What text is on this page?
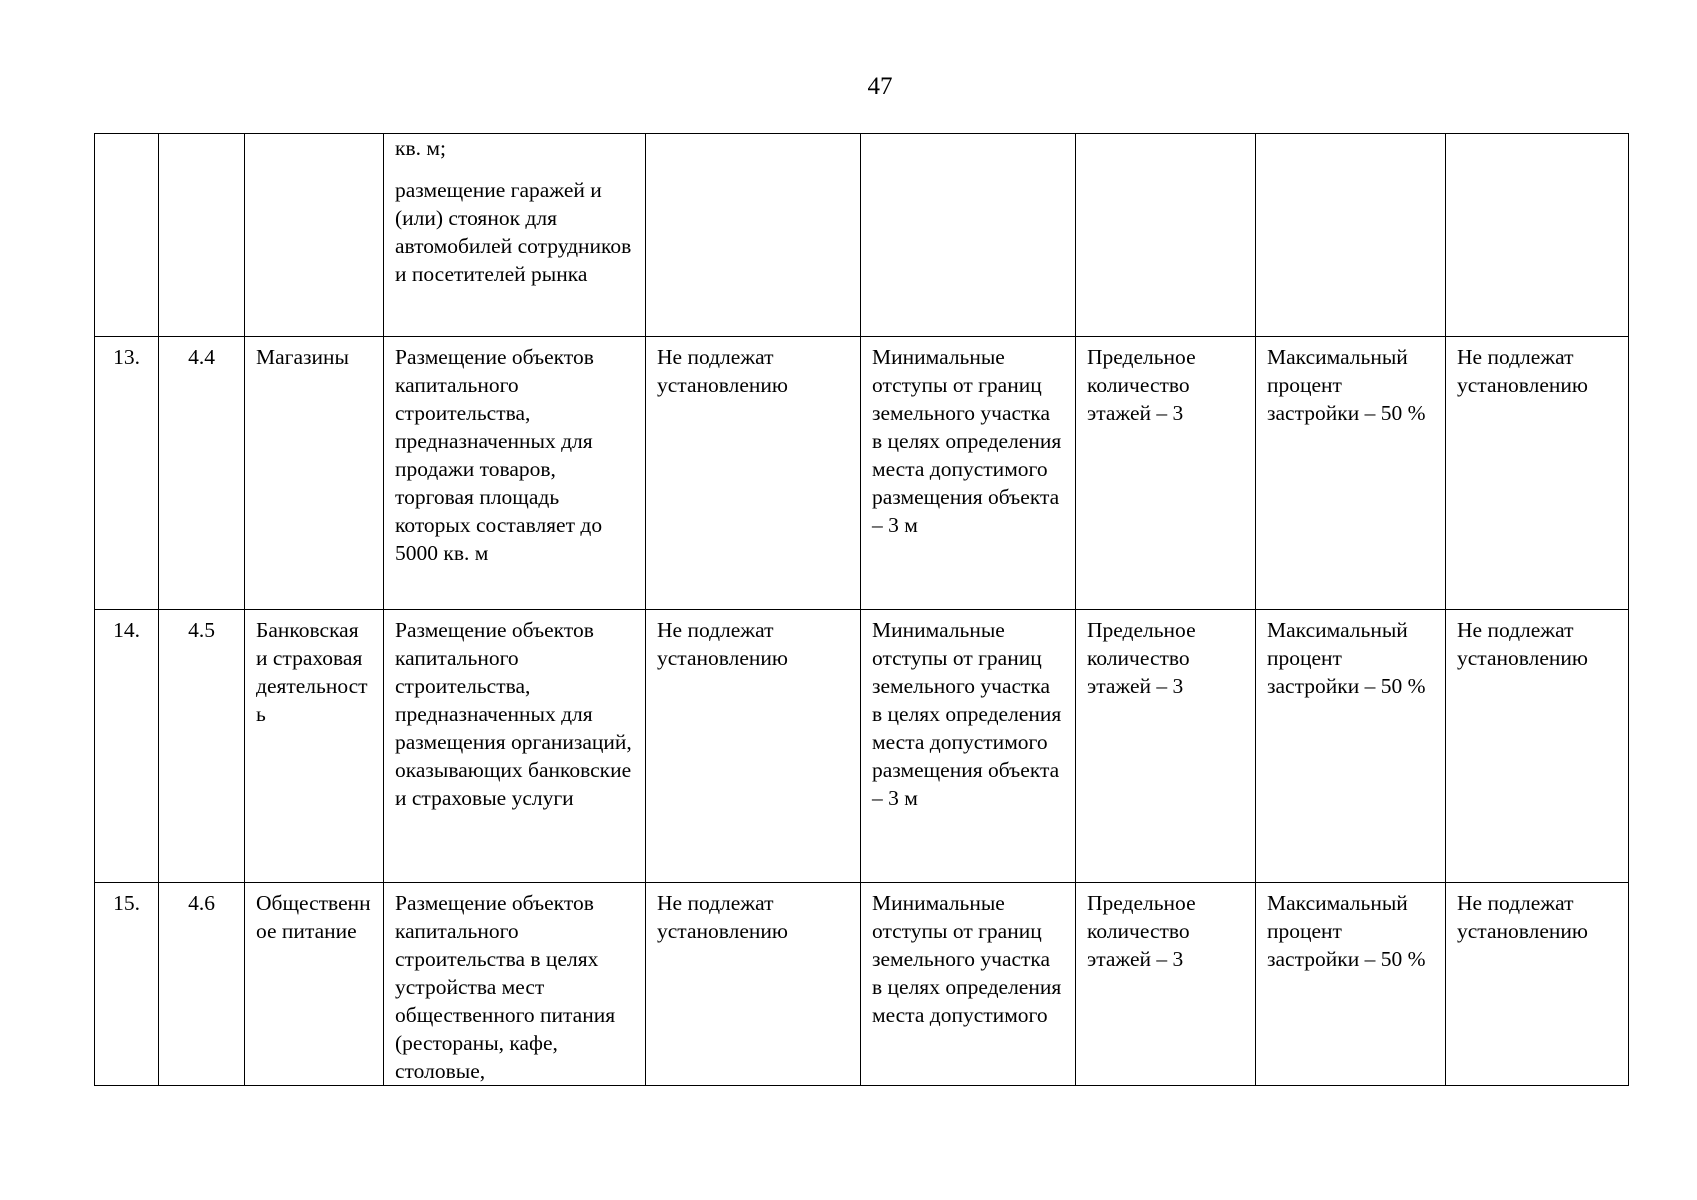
47

			кв. м;
размещение гаражей и (или) стоянок для автомобилей сотрудников и посетителей рынка					

13.	4.4	Магазины	Размещение объектов капитального строительства, предназначенных для продажи товаров, торговая площадь которых составляет до 5000 кв. м	Не подлежат установлению	Минимальные отступы от границ земельного участка в целях определения места допустимого размещения объекта – 3 м	Предельное количество этажей – 3	Максимальный процент застройки – 50 %	Не подлежат установлению
14.	4.5	Банковская и страховая деятельность	Размещение объектов капитального строительства, предназначенных для размещения организаций, оказывающих банковские и страховые услуги	Не подлежат установлению	Минимальные отступы от границ земельного участка в целях определения места допустимого размещения объекта – 3 м	Предельное количество этажей – 3	Максимальный процент застройки – 50 %	Не подлежат установлению
15.	4.6	Общественное питание	Размещение объектов капитального строительства в целях устройства мест общественного питания (рестораны, кафе, столовые,	Не подлежат установлению	Минимальные отступы от границ земельного участка в целях определения места допустимого	Предельное количество этажей – 3	Максимальный процент застройки – 50 %	Не подлежат установлению
